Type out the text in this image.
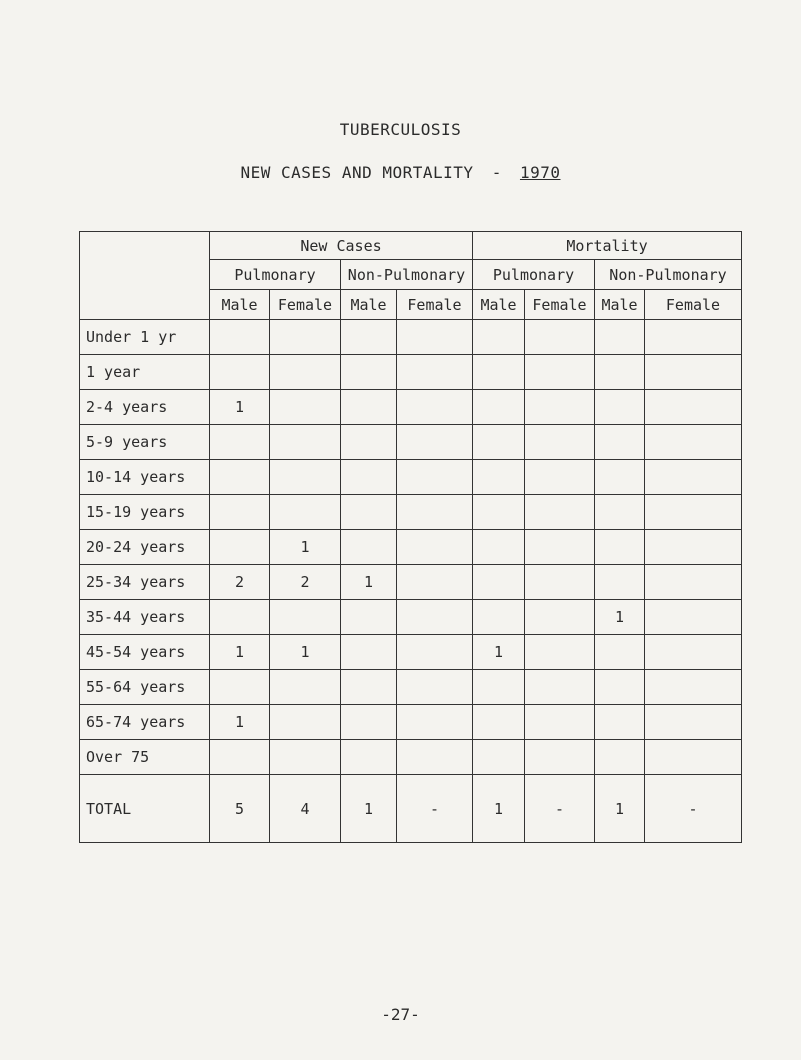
TUBERCULOSIS
NEW CASES AND MORTALITY - 1970
	New Cases				Mortality			
	Pulmonary		Non-Pulmonary		Pulmonary		Non-Pulmonary	
	Male	Female	Male	Female	Male	Female	Male	Female
Under 1 yr								
1 year								
2-4 years	1							
5-9 years								
10-14 years								
15-19 years								
20-24 years		1						
25-34 years	2	2	1					
35-44 years							1	
45-54 years	1	1			1			
55-64 years								
65-74 years	1							
Over 75								
TOTAL	5	4	1	-	1	-	1	-
-27-
